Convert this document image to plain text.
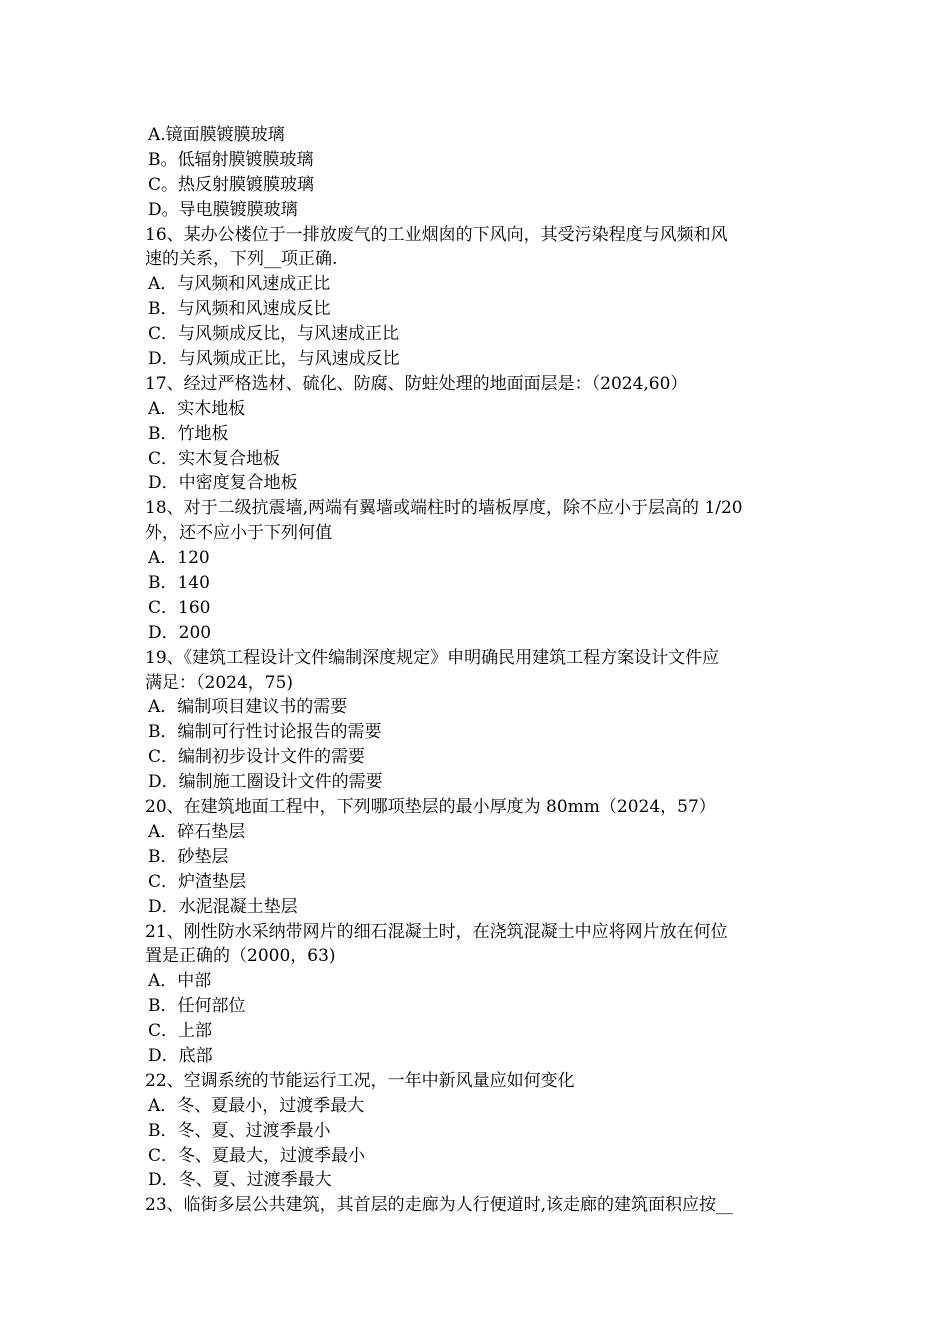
A.镜面膜镀膜玻璃
B。低辐射膜镀膜玻璃
C。热反射膜镀膜玻璃
D。导电膜镀膜玻璃
16、某办公楼位于一排放废气的工业烟囱的下风向，其受污染程度与风频和风
速的关系，下列__项正确.
A．与风频和风速成正比
B．与风频和风速成反比
C．与风频成反比，与风速成正比
D．与风频成正比，与风速成反比
17、经过严格选材、硫化、防腐、防蛀处理的地面面层是：（2024,60）
A．实木地板
B．竹地板
C．实木复合地板
D．中密度复合地板
18、对于二级抗震墙,两端有翼墙或端柱时的墙板厚度，除不应小于层高的 1/20
外，还不应小于下列何值
A．120
B．140
C．160
D．200
19、《建筑工程设计文件编制深度规定》申明确民用建筑工程方案设计文件应
满足：（2024，75)
A．编制项目建议书的需要
B．编制可行性讨论报告的需要
C．编制初步设计文件的需要
D．编制施工圈设计文件的需要
20、在建筑地面工程中，下列哪项垫层的最小厚度为 80mm（2024，57）
A．碎石垫层
B．砂垫层
C．炉渣垫层
D．水泥混凝土垫层
21、刚性防水采纳带网片的细石混凝土时，在浇筑混凝土中应将网片放在何位
置是正确的（2000，63)
A．中部
B．任何部位
C．上部
D．底部
22、空调系统的节能运行工况，一年中新风量应如何变化
A．冬、夏最小，过渡季最大
B．冬、夏、过渡季最小
C．冬、夏最大，过渡季最小
D．冬、夏、过渡季最大
23、临街多层公共建筑，其首层的走廊为人行便道时,该走廊的建筑面积应按__
